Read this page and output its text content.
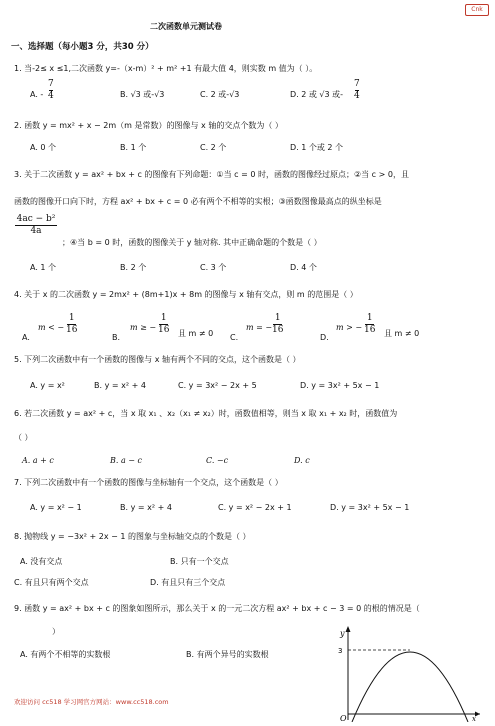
Cnk
二次函数单元测试卷
一、选择题（每小题3 分，共30 分）
1. 当-2≤ x ≤1,二次函数 y=-（x-m）² + m² +1 有最大值 4，则实数 m 值为（ ）。
A. -
7
4	B. √3 或-√3	C. 2 或-√3	D. 2 或 √3 或-
7
4
2. 函数 y = mx² + x − 2m（m 是常数）的图像与 x 轴的交点个数为（ ）
A. 0 个	B. 1 个	C. 2 个	D. 1 个或 2 个
3. 关于二次函数 y = ax² + bx + c 的图像有下列命题：①当 c = 0 时，函数的图像经过原点；②当 c > 0，且
函数的图像开口向下时，方程 ax² + bx + c = 0 必有两个不相等的实根；③函数图像最高点的纵坐标是
4ac − b²
4a
；④当 b = 0 时，函数的图像关于 y 轴对称. 其中正确命题的个数是（ ）
A. 1 个	B. 2 个	C. 3 个	D. 4 个
4. 关于 x 的二次函数 y = 2mx² + (8m+1)x + 8m 的图像与 x 轴有交点，则 m 的范围是（ ）
A.
m < −
1
16
B.
m ≥ −
1
16 且 m ≠ 0 C.
m = −
1
16
D.
m > −
1
16 且 m ≠ 0
5. 下列二次函数中有一个函数的图像与 x 轴有两个不同的交点，这个函数是（ ）
A. y = x²	B. y = x² + 4	C. y = 3x² − 2x + 5	D. y = 3x² + 5x − 1
6. 若二次函数 y = ax² + c，当 x 取 x₁ 、x₂（x₁ ≠ x₂）时，函数值相等，则当 x 取 x₁ + x₂ 时，函数值为
（ ）
A. a + c	B. a − c	C. −c	D. c
7. 下列二次函数中有一个函数的图像与坐标轴有一个交点，这个函数是（ ）
A. y = x² − 1	B. y = x² + 4	C. y = x² − 2x + 1	D. y = 3x² + 5x − 1
8. 抛物线 y = −3x² + 2x − 1 的图象与坐标轴交点的个数是（ ）
A. 没有交点	B. 只有一个交点
C. 有且只有两个交点	D. 有且只有三个交点
9. 函数 y = ax² + bx + c 的图象如图所示，那么关于 x 的一元二次方程 ax² + bx + c − 3 = 0 的根的情况是（
）
A. 有两个不相等的实数根	B. 有两个异号的实数根
y
3
O	x
欢迎访问 cc518 学习网官方网站：www.cc518.com
